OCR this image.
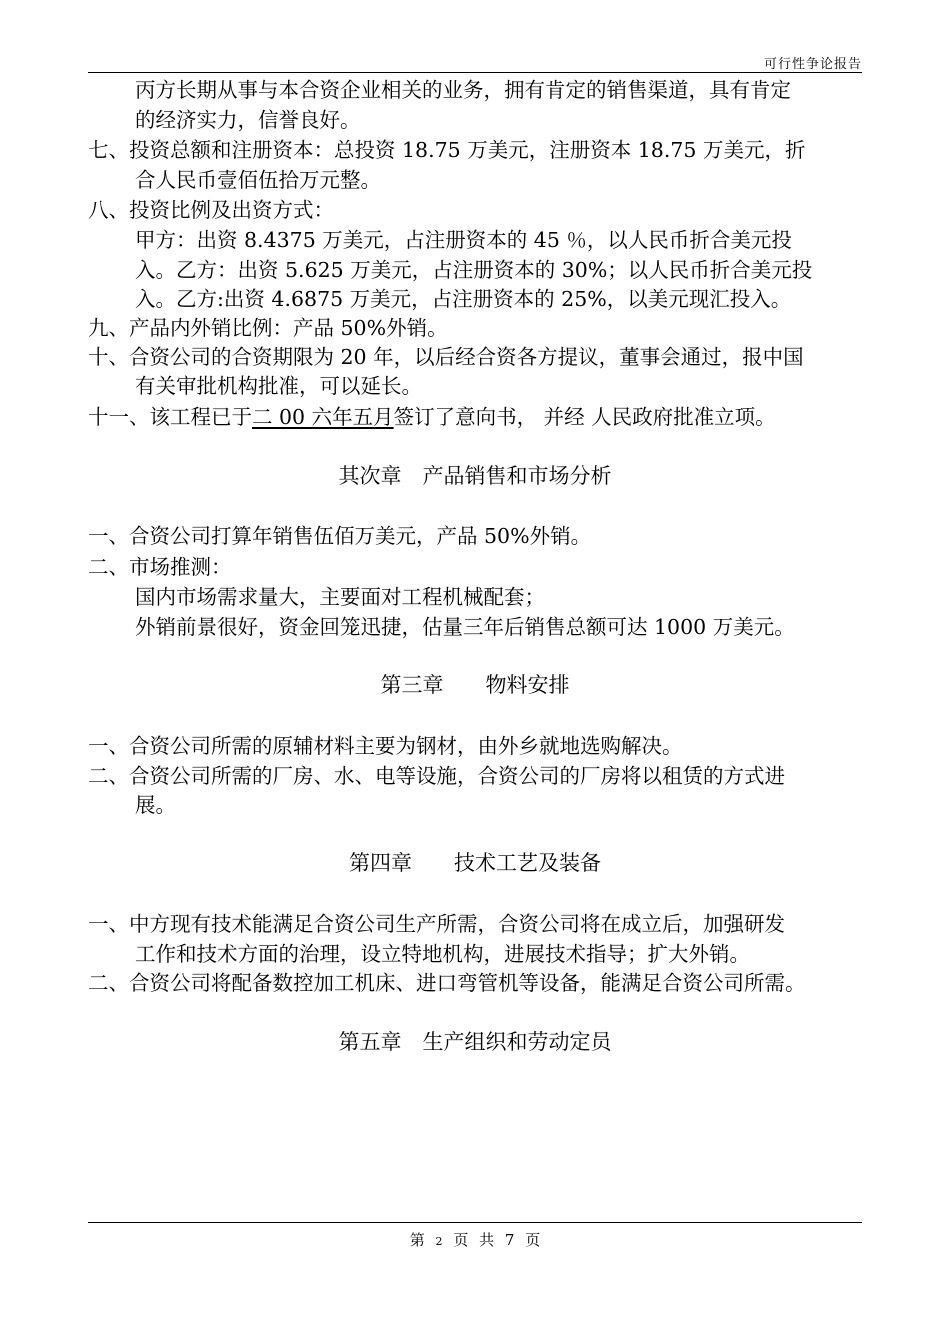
可行性争论报告
丙方长期从事与本合资企业相关的业务，拥有肯定的销售渠道，具有肯定
的经济实力，信誉良好。
七、投资总额和注册资本：总投资 18.75 万美元，注册资本 18.75 万美元，折
合人民币壹佰伍拾万元整。
八、投资比例及出资方式：
甲方：出资 8.4375 万美元，占注册资本的 45 ％，以人民币折合美元投
入。乙方：出资 5.625 万美元，占注册资本的 30%；以人民币折合美元投
入。乙方:出资 4.6875 万美元，占注册资本的 25%，以美元现汇投入。
九、产品内外销比例：产品 50%外销。
十、合资公司的合资期限为 20 年，以后经合资各方提议，董事会通过，报中国
有关审批机构批准，可以延长。
十一、该工程已于二 00 六年五月签订了意向书， 并经 人民政府批准立项。
其次章　产品销售和市场分析
一、合资公司打算年销售伍佰万美元，产品 50%外销。
二、市场推测：
国内市场需求量大，主要面对工程机械配套；
外销前景很好，资金回笼迅捷，估量三年后销售总额可达 1000 万美元。
第三章　　物料安排
一、合资公司所需的原辅材料主要为钢材，由外乡就地选购解决。
二、合资公司所需的厂房、水、电等设施，合资公司的厂房将以租赁的方式进
展。
第四章　　技术工艺及装备
一、中方现有技术能满足合资公司生产所需，合资公司将在成立后，加强研发
工作和技术方面的治理，设立特地机构，进展技术指导；扩大外销。
二、合资公司将配备数控加工机床、进口弯管机等设备，能满足合资公司所需。
第五章　生产组织和劳动定员
第 2 页 共 7 页
